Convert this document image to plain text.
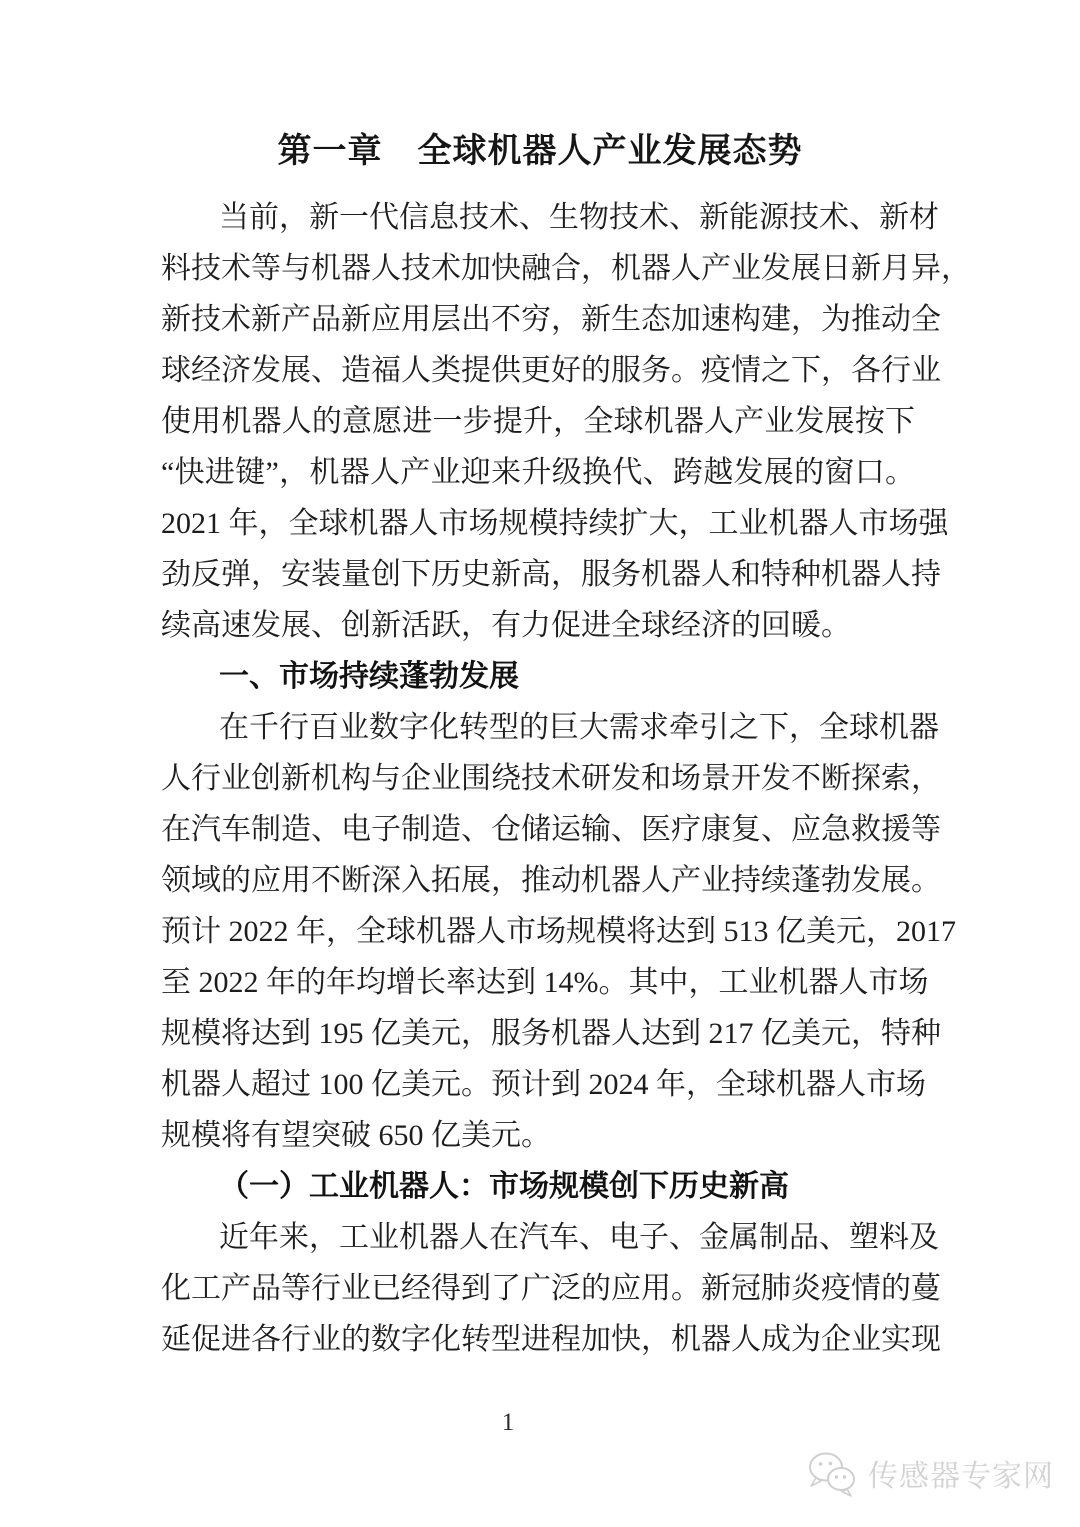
第一章　全球机器人产业发展态势
当前，新一代信息技术、生物技术、新能源技术、新材
料技术等与机器人技术加快融合，机器人产业发展日新月异，
新技术新产品新应用层出不穷，新生态加速构建，为推动全
球经济发展、造福人类提供更好的服务。疫情之下，各行业
使用机器人的意愿进一步提升，全球机器人产业发展按下
“快进键”，机器人产业迎来升级换代、跨越发展的窗口。
2021 年，全球机器人市场规模持续扩大，工业机器人市场强
劲反弹，安装量创下历史新高，服务机器人和特种机器人持
续高速发展、创新活跃，有力促进全球经济的回暖。
一、市场持续蓬勃发展
在千行百业数字化转型的巨大需求牵引之下，全球机器
人行业创新机构与企业围绕技术研发和场景开发不断探索，
在汽车制造、电子制造、仓储运输、医疗康复、应急救援等
领域的应用不断深入拓展，推动机器人产业持续蓬勃发展。
预计 2022 年，全球机器人市场规模将达到 513 亿美元，2017
至 2022 年的年均增长率达到 14%。其中，工业机器人市场
规模将达到 195 亿美元，服务机器人达到 217 亿美元，特种
机器人超过 100 亿美元。预计到 2024 年，全球机器人市场
规模将有望突破 650 亿美元。
（一）工业机器人：市场规模创下历史新高
近年来，工业机器人在汽车、电子、金属制品、塑料及
化工产品等行业已经得到了广泛的应用。新冠肺炎疫情的蔓
延促进各行业的数字化转型进程加快，机器人成为企业实现
1
传感器专家网
